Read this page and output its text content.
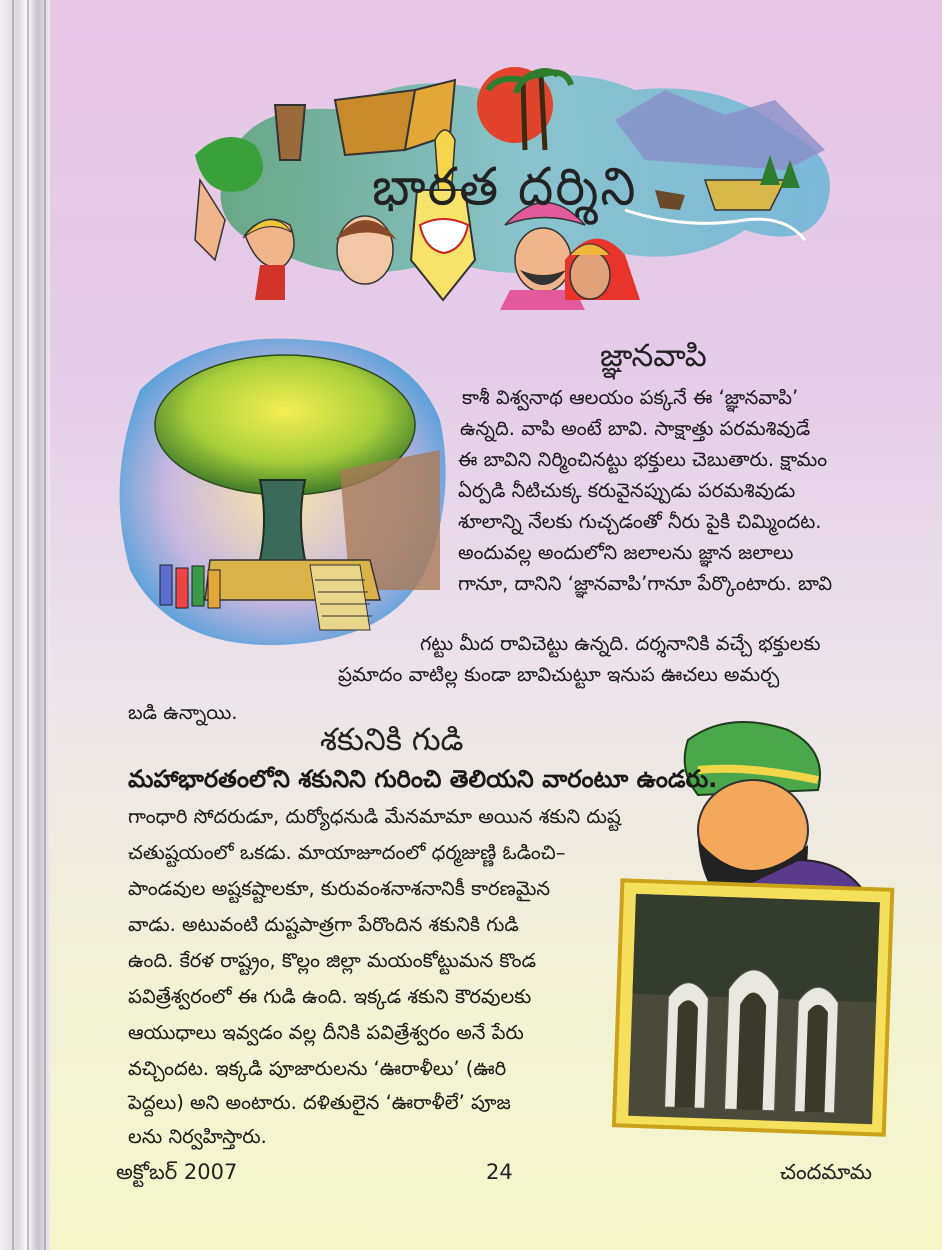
భారత దర్శిని
జ్ఞానవాపి
కాశీ విశ్వనాథ ఆలయం పక్కనే ఈ ‘జ్ఞానవాపి’
ఉన్నది. వాపి అంటే బావి. సాక్షాత్తు పరమశివుడే
ఈ బావిని నిర్మించినట్టు భక్తులు చెబుతారు. క్షామం
ఏర్పడి నీటిచుక్క కరువైనప్పుడు పరమశివుడు
శూలాన్ని నేలకు గుచ్చడంతో నీరు పైకి చిమ్మిందట.
అందువల్ల అందులోని జలాలను జ్ఞాన జలాలు
గానూ, దానిని ‘జ్ఞానవాపి’గానూ పేర్కొంటారు. బావి
గట్టు మీద రావిచెట్టు ఉన్నది. దర్శనానికి వచ్చే భక్తులకు
ప్రమాదం వాటిల్ల కుండా బావిచుట్టూ ఇనుప ఊచలు అమర్చ
బడి ఉన్నాయి.
శకునికి గుడి
మహాభారతంలోని శకునిని గురించి తెలియని వారంటూ ఉండరు.
గాంధారి సోదరుడూ, దుర్యోధనుడి మేనమామా అయిన శకుని దుష్ట
చతుష్టయంలో ఒకడు. మాయాజూదంలో ధర్మజుణ్ణి ఓడించి–
పాండవుల అష్టకష్టాలకూ, కురువంశనాశనానికీ కారణమైన
వాడు. అటువంటి దుష్టపాత్రగా పేరొందిన శకునికి గుడి
ఉంది. కేరళ రాష్ట్రం, కొల్లం జిల్లా మయంకోట్టుమన కొండ
పవిత్రేశ్వరంలో ఈ గుడి ఉంది. ఇక్కడ శకుని కౌరవులకు
ఆయుధాలు ఇవ్వడం వల్ల దీనికి పవిత్రేశ్వరం అనే పేరు
వచ్చిందట. ఇక్కడి పూజారులను ‘ఊరాళీలు’ (ఊరి
పెద్దలు) అని అంటారు. దళితులైన ‘ఊరాళీలే’ పూజ
లను నిర్వహిస్తారు.
అక్టోబర్ 2007	24	చందమామ
